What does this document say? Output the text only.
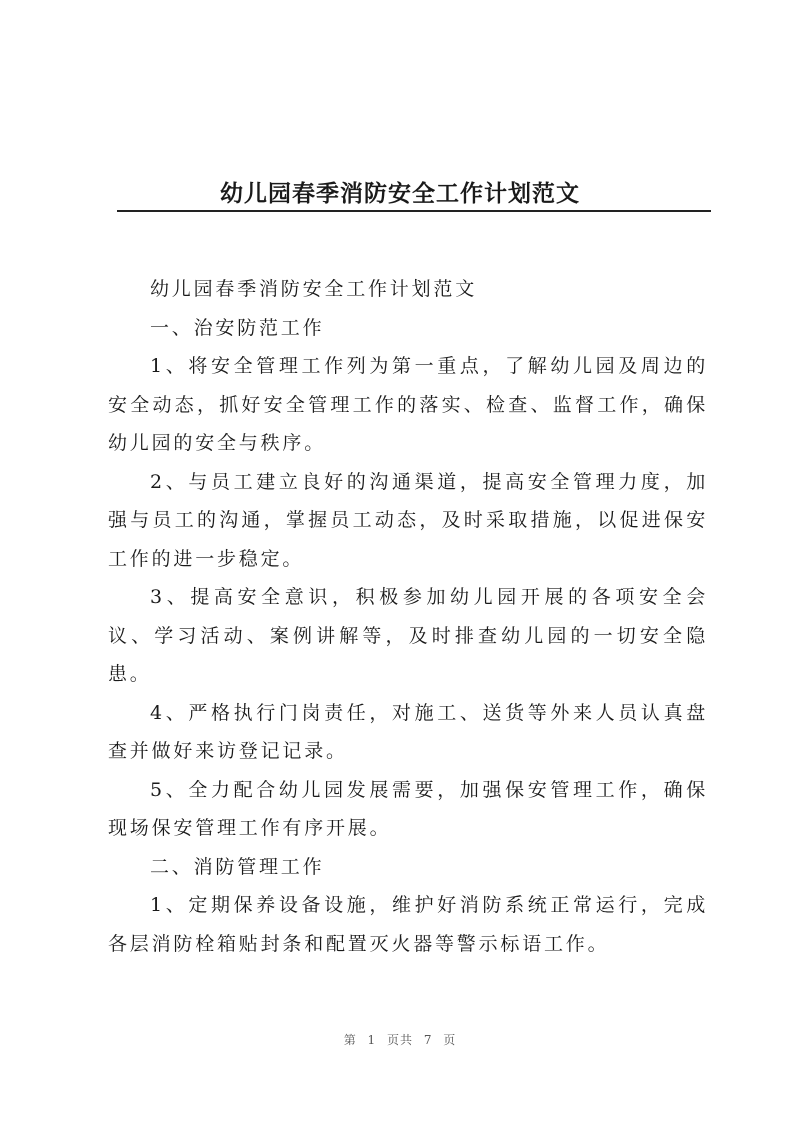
幼儿园春季消防安全工作计划范文

幼儿园春季消防安全工作计划范文

一、治安防范工作

1、将安全管理工作列为第一重点，了解幼儿园及周边的安全动态，抓好安全管理工作的落实、检查、监督工作，确保幼儿园的安全与秩序。

2、与员工建立良好的沟通渠道，提高安全管理力度，加强与员工的沟通，掌握员工动态，及时采取措施，以促进保安工作的进一步稳定。

3、提高安全意识，积极参加幼儿园开展的各项安全会议、学习活动、案例讲解等，及时排查幼儿园的一切安全隐患。

4、严格执行门岗责任，对施工、送货等外来人员认真盘查并做好来访登记记录。

5、全力配合幼儿园发展需要，加强保安管理工作，确保现场保安管理工作有序开展。

二、消防管理工作

1、定期保养设备设施，维护好消防系统正常运行，完成各层消防栓箱贴封条和配置灭火器等警示标语工作。

第 1 页共 7 页
